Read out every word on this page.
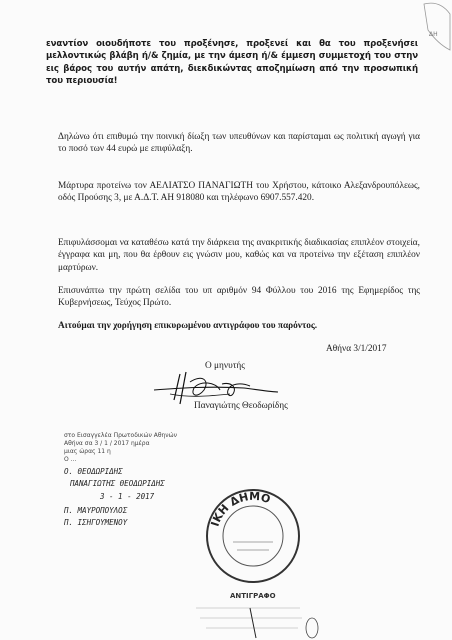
ΔΗ
εναντίον οιουδήποτε του προξένησε, προξενεί και θα του προξενήσει μελλοντικώς βλάβη ή/& ζημία, με την άμεση ή/& έμμεση συμμετοχή του στην εις βάρος του αυτήν απάτη, διεκδικώντας αποζημίωση από την προσωπική του περιουσία!
Δηλώνω ότι επιθυμώ την ποινική δίωξη των υπευθύνων και παρίσταμαι ως πολιτική αγωγή για το ποσό των 44 ευρώ με επιφύλαξη.
Μάρτυρα προτείνω τον ΑΕΛΙΑΤΣΟ ΠΑΝΑΓΙΩΤΗ του Χρήστου, κάτοικο Αλεξανδρουπόλεως, οδός Προύσης 3, με Α.Δ.Τ. ΑΗ 918080 και τηλέφωνο 6907.557.420.
Επιφυλάσσομαι να καταθέσω κατά την διάρκεια της ανακριτικής διαδικασίας επιπλέον στοιχεία, έγγραφα και μη, που θα έρθουν εις γνώσιν μου, καθώς και να προτείνω την εξέταση επιπλέον μαρτύρων.
Επισυνάπτω την πρώτη σελίδα του υπ αριθμόν 94 Φύλλου του 2016 της Εφημερίδος της Κυβερνήσεως, Τεύχος Πρώτο.
Αιτούμαι την χορήγηση επικυρωμένου αντιγράφου του παρόντος.
Αθήνα 3/1/2017
Ο μηνυτής
Παναγιώτης Θεοδωρίδης
στο Εισαγγελέα Πρωτοδικών Αθηνών
Αθήνα σα 3 / 1 / 2017 ημέρα
μιας ώρας 11 η
Ο ...
Ο. ΘΕΟΔΩΡΙΔΗΣ
ΠΑΝΑΓΙΩΤΗΣ ΘΕΟΔΩΡΙΔΗΣ
3 - 1 - 2017
Π. ΜΑΥΡΟΠΟΥΛΟΣ
Π. ΙΣΗΓΟΥΜΕΝΟΥ	ΙΚΗ ΔΗΜΟ
ΑΝΤΙΓΡΑΦΟ
